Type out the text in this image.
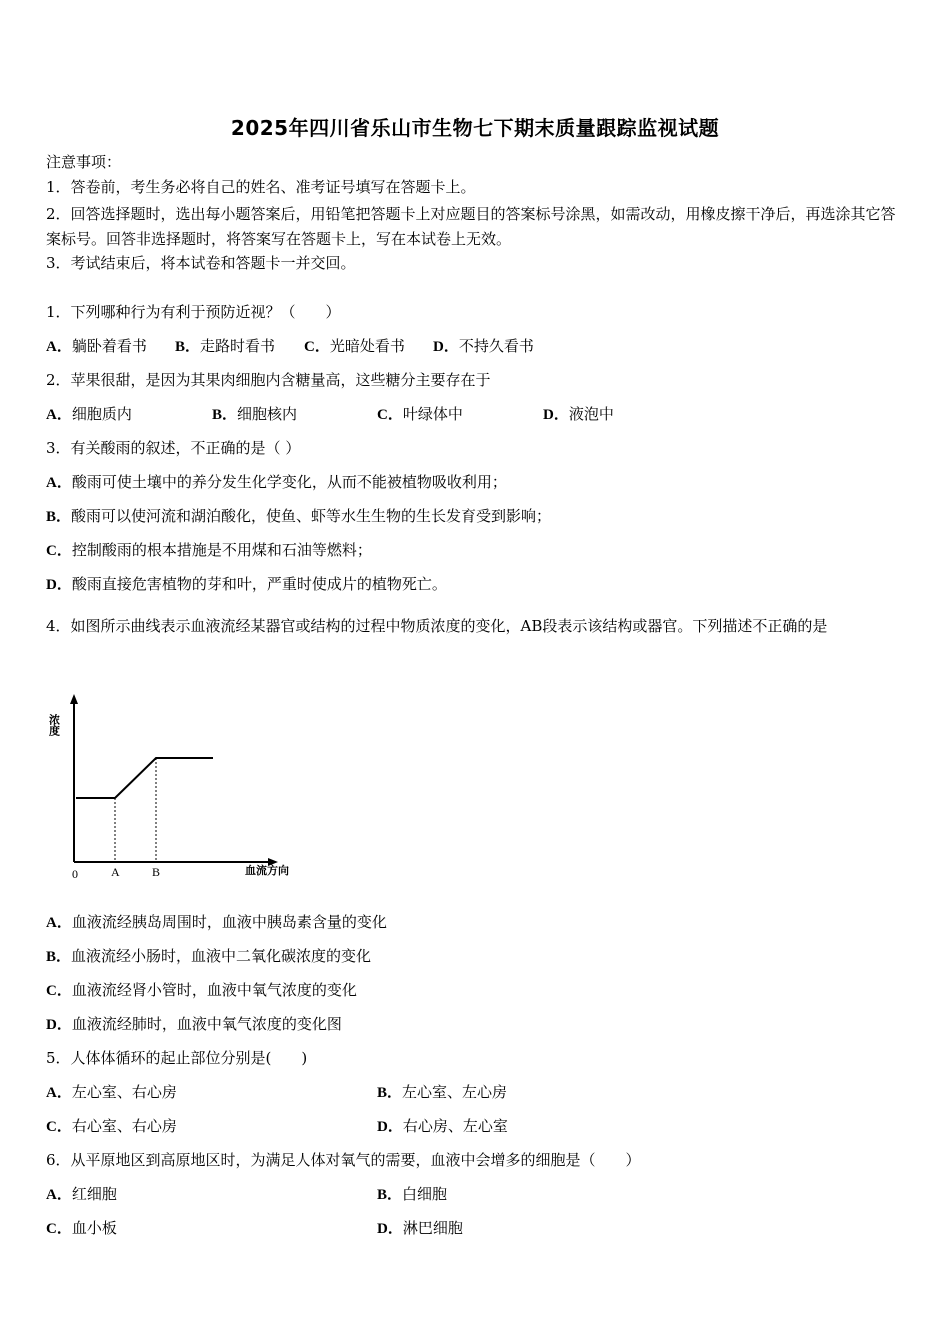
2025年四川省乐山市生物七下期末质量跟踪监视试题
注意事项：
1．答卷前，考生务必将自己的姓名、准考证号填写在答题卡上。
2．回答选择题时，选出每小题答案后，用铅笔把答题卡上对应题目的答案标号涂黑，如需改动，用橡皮擦干净后，再选涂其它答案标号。回答非选择题时，将答案写在答题卡上，写在本试卷上无效。
3．考试结束后，将本试卷和答题卡一并交回。
1．下列哪种行为有利于预防近视？（　　）
A．躺卧着看书 B．走路时看书 C．光暗处看书 D．不持久看书
2．苹果很甜，是因为其果肉细胞内含糖量高，这些糖分主要存在于
A．细胞质内	B．细胞核内	C．叶绿体中	D．液泡中
3．有关酸雨的叙述，不正确的是（ ）
A．酸雨可使土壤中的养分发生化学变化，从而不能被植物吸收利用；
B．酸雨可以使河流和湖泊酸化，使鱼、虾等水生生物的生长发育受到影响；
C．控制酸雨的根本措施是不用煤和石油等燃料；
D．酸雨直接危害植物的芽和叶，严重时使成片的植物死亡。
4．如图所示曲线表示血液流经某器官或结构的过程中物质浓度的变化，AB段表示该结构或器官。下列描述不正确的是
浓度
0	A	B	血流方向
A．血液流经胰岛周围时，血液中胰岛素含量的变化
B．血液流经小肠时，血液中二氧化碳浓度的变化
C．血液流经肾小管时，血液中氧气浓度的变化
D．血液流经肺时，血液中氧气浓度的变化图
5．人体体循环的起止部位分别是(　　)
A．左心室、右心房	B．左心室、左心房
C．右心室、右心房	D．右心房、左心室
6．从平原地区到高原地区时，为满足人体对氧气的需要，血液中会增多的细胞是（　　）
A．红细胞	B．白细胞
C．血小板	D．淋巴细胞
